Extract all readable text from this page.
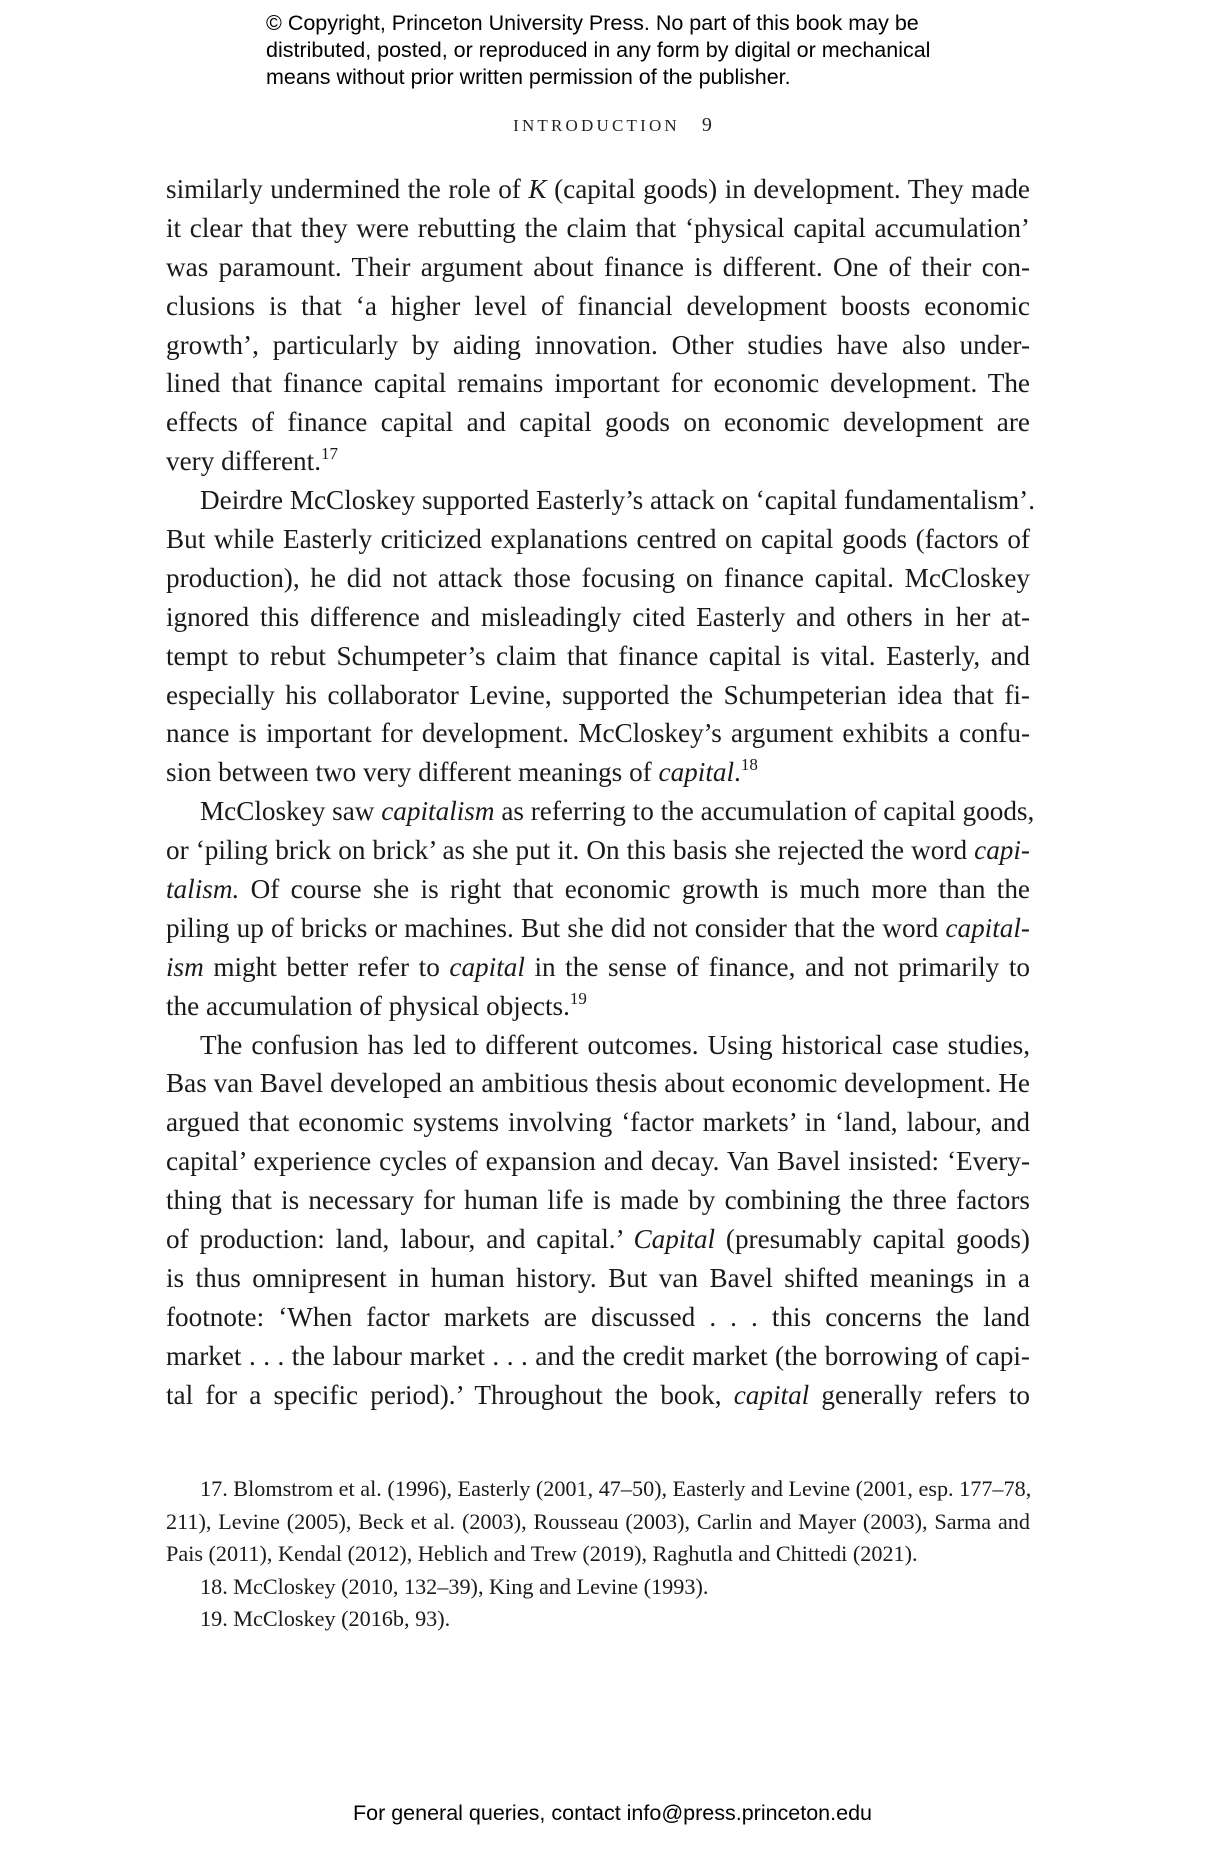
© Copyright, Princeton University Press. No part of this book may be
distributed, posted, or reproduced in any form by digital or mechanical
means without prior written permission of the publisher.
INTRODUCTION 9
similarly undermined the role of K (capital goods) in development. They made
it clear that they were rebutting the claim that ‘physical capital accumulation’
was paramount. Their argument about finance is different. One of their con-
clusions is that ‘a higher level of financial development boosts economic
growth’, particularly by aiding innovation. Other studies have also under-
lined that finance capital remains important for economic development. The
effects of finance capital and capital goods on economic development are
very different.$^{17}$
Deirdre McCloskey supported Easterly’s attack on ‘capital fundamentalism’.
But while Easterly criticized explanations centred on capital goods (factors of
production), he did not attack those focusing on finance capital. McCloskey
ignored this difference and misleadingly cited Easterly and others in her at-
tempt to rebut Schumpeter’s claim that finance capital is vital. Easterly, and
especially his collaborator Levine, supported the Schumpeterian idea that fi-
nance is important for development. McCloskey’s argument exhibits a confu-
sion between two very different meanings of capital.$^{18}$
McCloskey saw capitalism as referring to the accumulation of capital goods,
or ‘piling brick on brick’ as she put it. On this basis she rejected the word capi-
talism. Of course she is right that economic growth is much more than the
piling up of bricks or machines. But she did not consider that the word capital-
ism might better refer to capital in the sense of finance, and not primarily to
the accumulation of physical objects.$^{19}$
The confusion has led to different outcomes. Using historical case studies,
Bas van Bavel developed an ambitious thesis about economic development. He
argued that economic systems involving ‘factor markets’ in ‘land, labour, and
capital’ experience cycles of expansion and decay. Van Bavel insisted: ‘Every-
thing that is necessary for human life is made by combining the three factors
of production: land, labour, and capital.’ Capital (presumably capital goods)
is thus omnipresent in human history. But van Bavel shifted meanings in a
footnote: ‘When factor markets are discussed . . . this concerns the land
market . . . the labour market . . . and the credit market (the borrowing of capi-
tal for a specific period).’ Throughout the book, capital generally refers to
17. Blomstrom et al. (1996), Easterly (2001, 47–50), Easterly and Levine (2001, esp. 177–78,
211), Levine (2005), Beck et al. (2003), Rousseau (2003), Carlin and Mayer (2003), Sarma and
Pais (2011), Kendal (2012), Heblich and Trew (2019), Raghutla and Chittedi (2021).
18. McCloskey (2010, 132–39), King and Levine (1993).
19. McCloskey (2016b, 93).
For general queries, contact info@press.princeton.edu
